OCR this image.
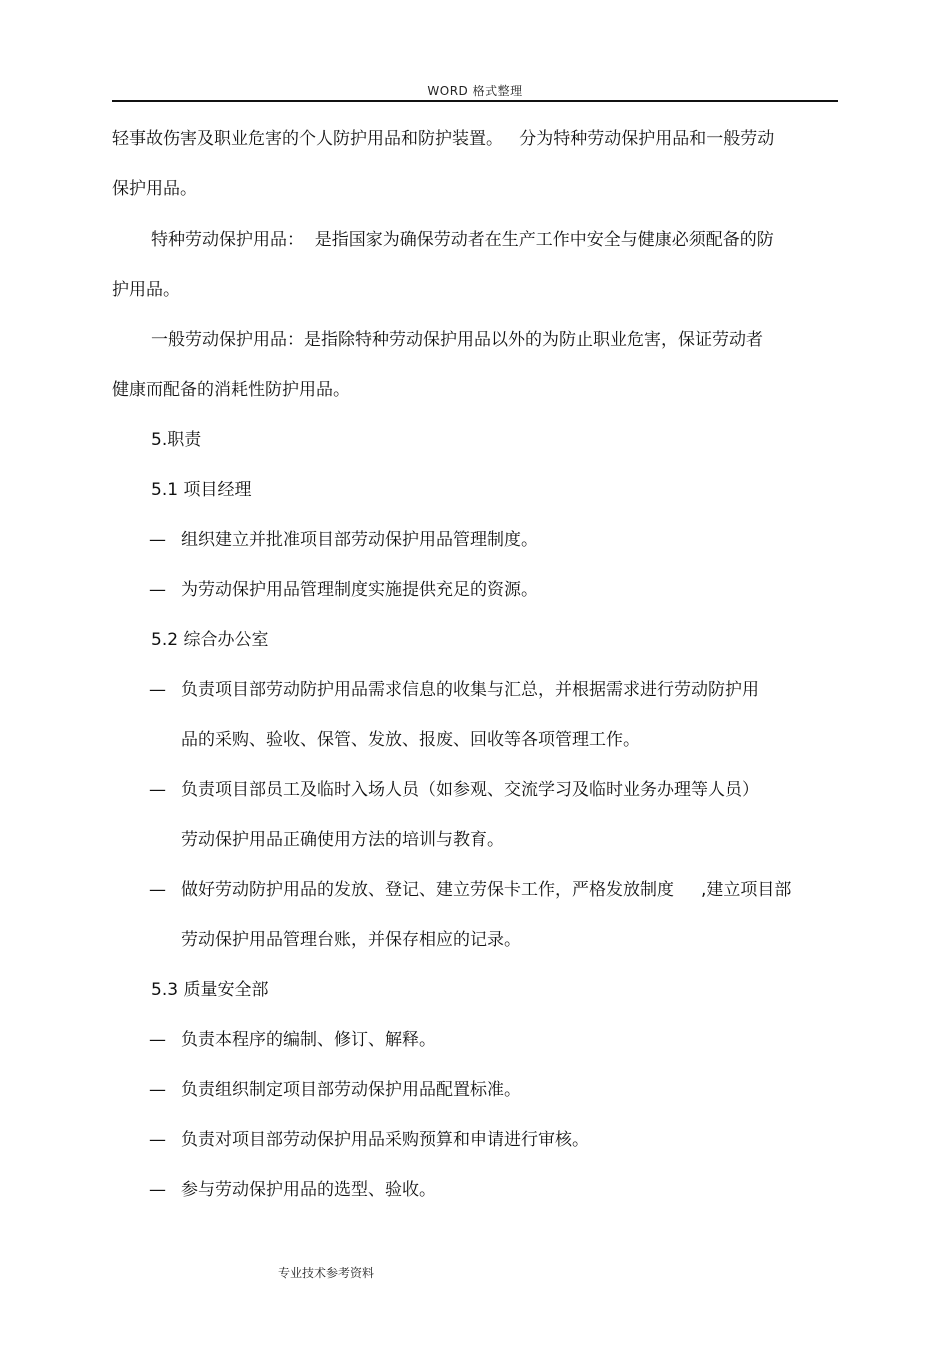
WORD 格式整理
轻事故伤害及职业危害的个人防护用品和防护装置。   分为特种劳动保护用品和一般劳动
保护用品。
特种劳动保护用品：  是指国家为确保劳动者在生产工作中安全与健康必须配备的防
护用品。
一般劳动保护用品：是指除特种劳动保护用品以外的为防止职业危害，保证劳动者
健康而配备的消耗性防护用品。
5.职责
5.1 项目经理
— 组织建立并批准项目部劳动保护用品管理制度。
— 为劳动保护用品管理制度实施提供充足的资源。
5.2 综合办公室
— 负责项目部劳动防护用品需求信息的收集与汇总，并根据需求进行劳动防护用
品的采购、验收、保管、发放、报废、回收等各项管理工作。
— 负责项目部员工及临时入场人员（如参观、交流学习及临时业务办理等人员）
劳动保护用品正确使用方法的培训与教育。
— 做好劳动防护用品的发放、登记、建立劳保卡工作，严格发放制度     ,建立项目部
劳动保护用品管理台账，并保存相应的记录。
5.3 质量安全部
— 负责本程序的编制、修订、解释。
— 负责组织制定项目部劳动保护用品配置标准。
— 负责对项目部劳动保护用品采购预算和申请进行审核。
— 参与劳动保护用品的选型、验收。
专业技术参考资料
